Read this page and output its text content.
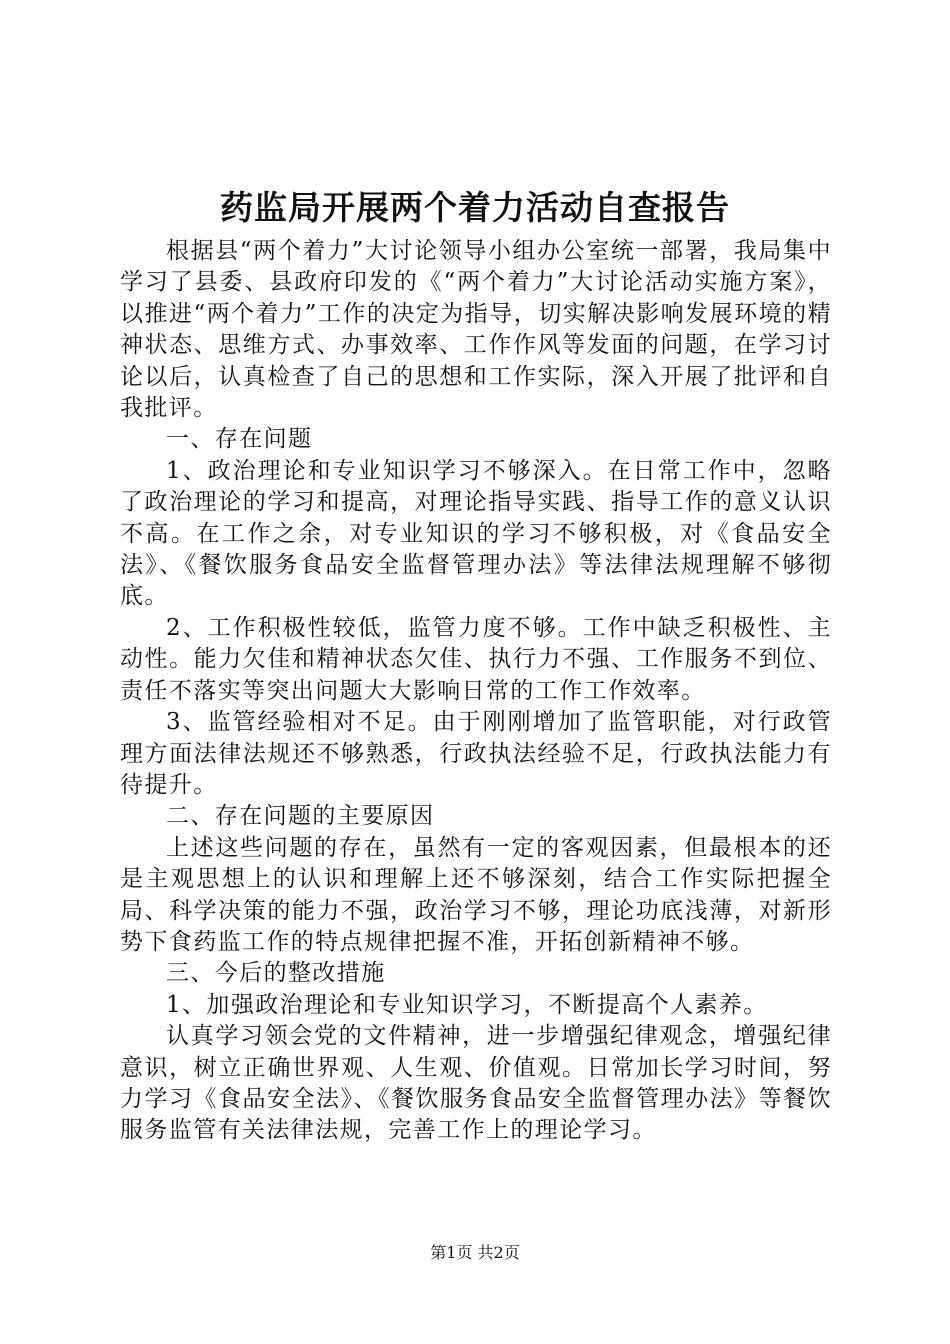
药监局开展两个着力活动自查报告

根据县“两个着力”大讨论领导小组办公室统一部署，我局集中学习了县委、县政府印发的《“两个着力”大讨论活动实施方案》，以推进“两个着力”工作的决定为指导，切实解决影响发展环境的精神状态、思维方式、办事效率、工作作风等发面的问题，在学习讨论以后，认真检查了自己的思想和工作实际，深入开展了批评和自我批评。

一、存在问题

1、政治理论和专业知识学习不够深入。在日常工作中，忽略了政治理论的学习和提高，对理论指导实践、指导工作的意义认识不高。在工作之余，对专业知识的学习不够积极，对《食品安全法》、《餐饮服务食品安全监督管理办法》等法律法规理解不够彻底。

2、工作积极性较低，监管力度不够。工作中缺乏积极性、主动性。能力欠佳和精神状态欠佳、执行力不强、工作服务不到位、责任不落实等突出问题大大影响日常的工作工作效率。

3、监管经验相对不足。由于刚刚增加了监管职能，对行政管理方面法律法规还不够熟悉，行政执法经验不足，行政执法能力有待提升。

二、存在问题的主要原因

上述这些问题的存在，虽然有一定的客观因素，但最根本的还是主观思想上的认识和理解上还不够深刻，结合工作实际把握全局、科学决策的能力不强，政治学习不够，理论功底浅薄，对新形势下食药监工作的特点规律把握不准，开拓创新精神不够。

三、今后的整改措施

1、加强政治理论和专业知识学习，不断提高个人素养。

认真学习领会党的文件精神，进一步增强纪律观念，增强纪律意识，树立正确世界观、人生观、价值观。日常加长学习时间，努力学习《食品安全法》、《餐饮服务食品安全监督管理办法》等餐饮服务监管有关法律法规，完善工作上的理论学习。

第1页 共2页
